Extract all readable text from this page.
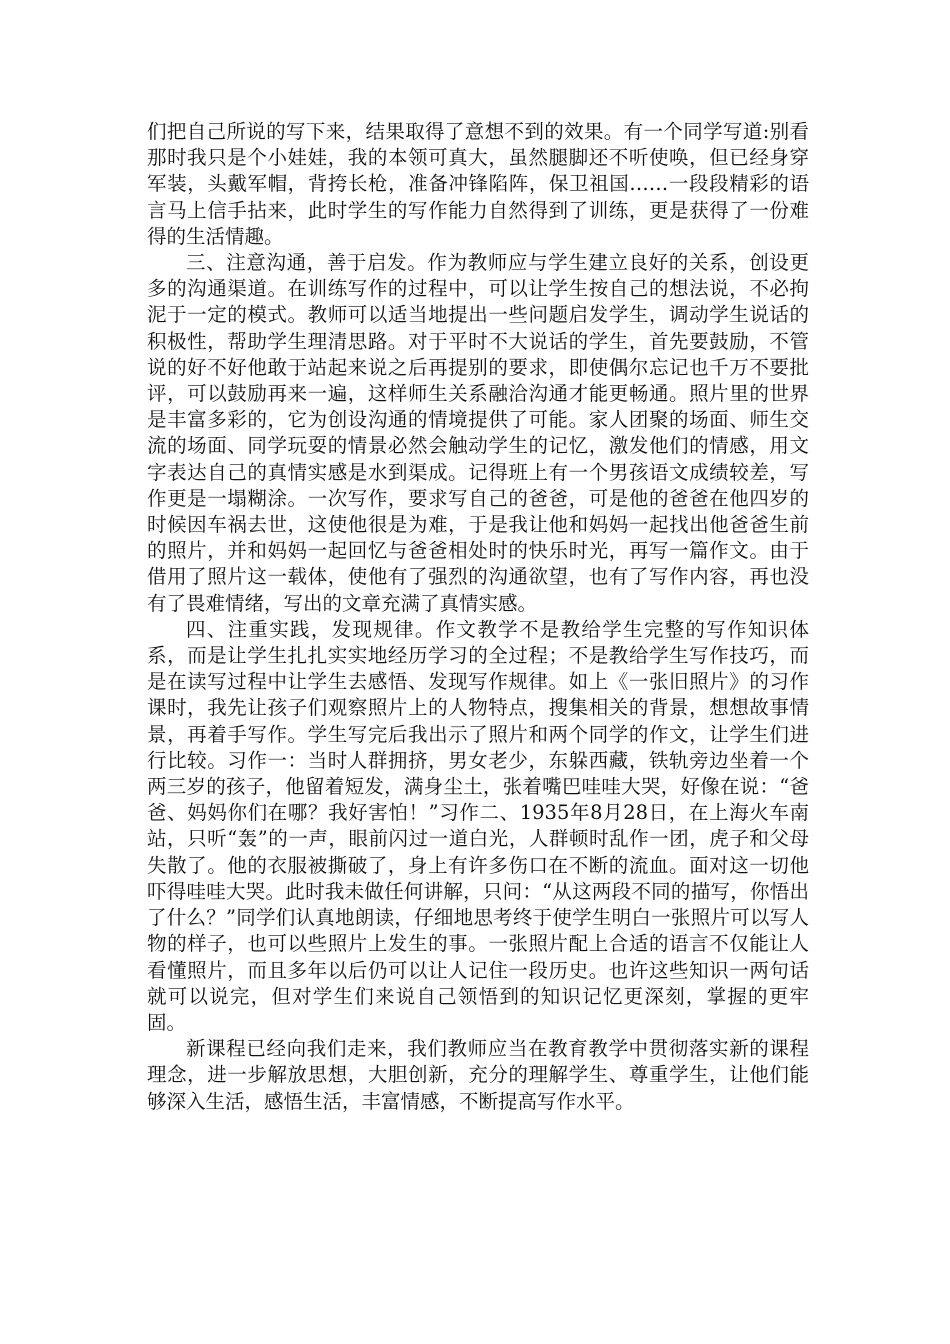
们把自己所说的写下来，结果取得了意想不到的效果。有一个同学写道:别看那时我只是个小娃娃，我的本领可真大，虽然腿脚还不听使唤，但已经身穿军装，头戴军帽，背挎长枪，准备冲锋陷阵，保卫祖国……一段段精彩的语言马上信手拈来，此时学生的写作能力自然得到了训练，更是获得了一份难得的生活情趣。

三、注意沟通，善于启发。作为教师应与学生建立良好的关系，创设更多的沟通渠道。在训练写作的过程中，可以让学生按自己的想法说，不必拘泥于一定的模式。教师可以适当地提出一些问题启发学生，调动学生说话的积极性，帮助学生理清思路。对于平时不大说话的学生，首先要鼓励，不管说的好不好他敢于站起来说之后再提别的要求，即使偶尔忘记也千万不要批评，可以鼓励再来一遍，这样师生关系融洽沟通才能更畅通。照片里的世界是丰富多彩的，它为创设沟通的情境提供了可能。家人团聚的场面、师生交流的场面、同学玩耍的情景必然会触动学生的记忆，激发他们的情感，用文字表达自己的真情实感是水到渠成。记得班上有一个男孩语文成绩较差，写作更是一塌糊涂。一次写作，要求写自己的爸爸，可是他的爸爸在他四岁的时候因车祸去世，这使他很是为难，于是我让他和妈妈一起找出他爸爸生前的照片，并和妈妈一起回忆与爸爸相处时的快乐时光，再写一篇作文。由于借用了照片这一载体，使他有了强烈的沟通欲望，也有了写作内容，再也没有了畏难情绪，写出的文章充满了真情实感。

四、注重实践，发现规律。作文教学不是教给学生完整的写作知识体系，而是让学生扎扎实实地经历学习的全过程；不是教给学生写作技巧，而是在读写过程中让学生去感悟、发现写作规律。如上《一张旧照片》的习作课时，我先让孩子们观察照片上的人物特点，搜集相关的背景，想想故事情景，再着手写作。学生写完后我出示了照片和两个同学的作文，让学生们进行比较。习作一：当时人群拥挤，男女老少，东躲西藏，铁轨旁边坐着一个两三岁的孩子，他留着短发，满身尘土，张着嘴巴哇哇大哭，好像在说：“爸爸、妈妈你们在哪？我好害怕！”习作二、1935年8月28日，在上海火车南站，只听“轰”的一声，眼前闪过一道白光，人群顿时乱作一团，虎子和父母失散了。他的衣服被撕破了，身上有许多伤口在不断的流血。面对这一切他吓得哇哇大哭。此时我未做任何讲解，只问：“从这两段不同的描写，你悟出了什么？”同学们认真地朗读，仔细地思考终于使学生明白一张照片可以写人物的样子，也可以些照片上发生的事。一张照片配上合适的语言不仅能让人看懂照片，而且多年以后仍可以让人记住一段历史。也许这些知识一两句话就可以说完，但对学生们来说自己领悟到的知识记忆更深刻，掌握的更牢固。

新课程已经向我们走来，我们教师应当在教育教学中贯彻落实新的课程理念，进一步解放思想，大胆创新，充分的理解学生、尊重学生，让他们能够深入生活，感悟生活，丰富情感，不断提高写作水平。
